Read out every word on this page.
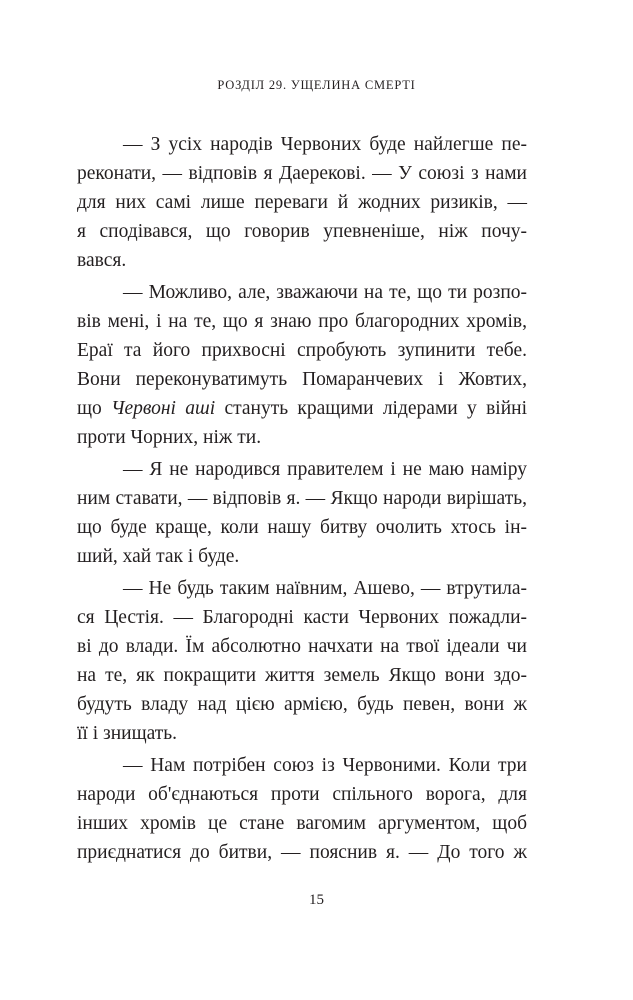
РОЗДІЛ 29. УЩЕЛИНА СМЕРТІ
— З усіх народів Червоних буде найлегше пе-
реконати, — відповів я Даерекові. — У союзі з нами
для них самі лише переваги й жодних ризиків, —
я сподівався, що говорив упевненіше, ніж почу-
вався.
— Можливо, але, зважаючи на те, що ти розпо-
вів мені, і на те, що я знаю про благородних хромів,
Ераї та його прихвосні спробують зупинити тебе.
Вони переконуватимуть Помаранчевих і Жовтих,
що Червоні аші стануть кращими лідерами у війні
проти Чорних, ніж ти.
— Я не народився правителем і не маю наміру
ним ставати, — відповів я. — Якщо народи вирішать,
що буде краще, коли нашу битву очолить хтось ін-
ший, хай так і буде.
— Не будь таким наївним, Ашево, — втрутила-
ся Цестія. — Благородні касти Червоних пожадли-
ві до влади. Їм абсолютно начхати на твої ідеали чи
на те, як покращити життя земель Якщо вони здо-
будуть владу над цією армією, будь певен, вони ж
її і знищать.
— Нам потрібен союз із Червоними. Коли три
народи об'єднаються проти спільного ворога, для
інших хромів це стане вагомим аргументом, щоб
приєднатися до битви, — пояснив я. — До того ж
15
